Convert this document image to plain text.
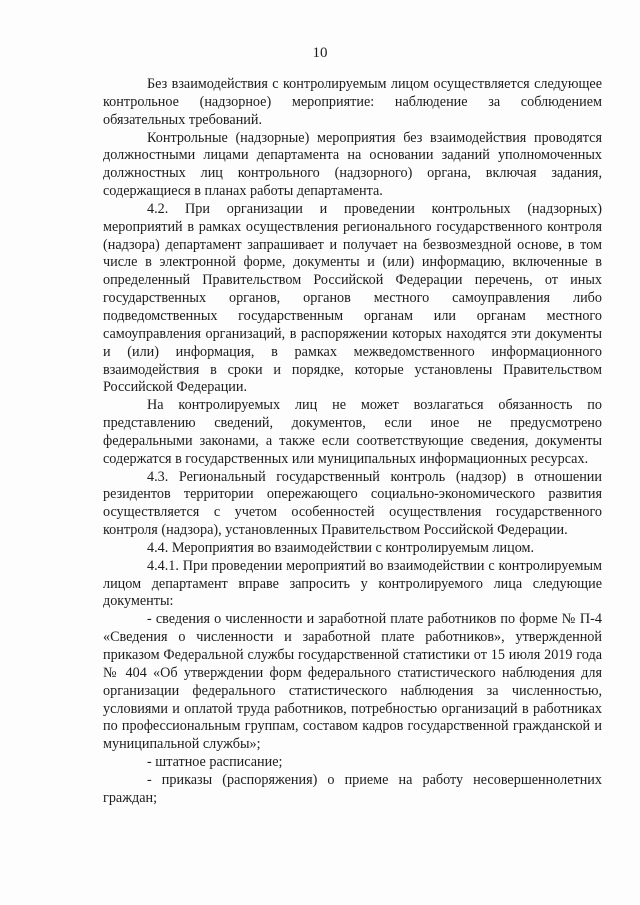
10

Без взаимодействия с контролируемым лицом осуществляется следующее контрольное (надзорное) мероприятие: наблюдение за соблюдением обязательных требований.

Контрольные (надзорные) мероприятия без взаимодействия проводятся должностными лицами департамента на основании заданий уполномоченных должностных лиц контрольного (надзорного) органа, включая задания, содержащиеся в планах работы департамента.

4.2. При организации и проведении контрольных (надзорных) мероприятий в рамках осуществления регионального государственного контроля (надзора) департамент запрашивает и получает на безвозмездной основе, в том числе в электронной форме, документы и (или) информацию, включенные в определенный Правительством Российской Федерации перечень, от иных государственных органов, органов местного самоуправления либо подведомственных государственным органам или органам местного самоуправления организаций, в распоряжении которых находятся эти документы и (или) информация, в рамках межведомственного информационного взаимодействия в сроки и порядке, которые установлены Правительством Российской Федерации.

На контролируемых лиц не может возлагаться обязанность по представлению сведений, документов, если иное не предусмотрено федеральными законами, а также если соответствующие сведения, документы содержатся в государственных или муниципальных информационных ресурсах.

4.3. Региональный государственный контроль (надзор) в отношении резидентов территории опережающего социально-экономического развития осуществляется с учетом особенностей осуществления государственного контроля (надзора), установленных Правительством Российской Федерации.

4.4. Мероприятия во взаимодействии с контролируемым лицом.

4.4.1. При проведении мероприятий во взаимодействии с контролируемым лицом департамент вправе запросить у контролируемого лица следующие документы:

- сведения о численности и заработной плате работников по форме № П-4 «Сведения о численности и заработной плате работников», утвержденной приказом Федеральной службы государственной статистики от 15 июля 2019 года № 404 «Об утверждении форм федерального статистического наблюдения для организации федерального статистического наблюдения за численностью, условиями и оплатой труда работников, потребностью организаций в работниках по профессиональным группам, составом кадров государственной гражданской и муниципальной службы»;

- штатное расписание;

- приказы (распоряжения) о приеме на работу несовершеннолетних граждан;
